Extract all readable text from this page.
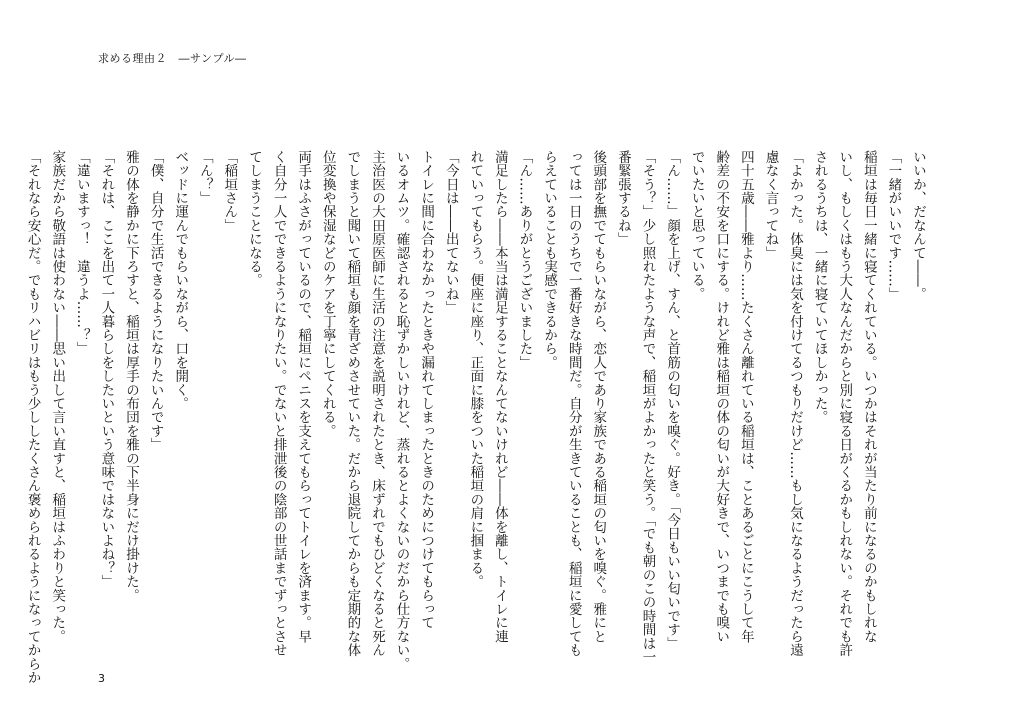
求める理由２　―サンプル―
いいか、だなんて――。
「一緒がいいです……」
稲垣は毎日一緒に寝てくれている。いつかはそれが当たり前になるのかもしれな
いし、もしくはもう大人なんだからと別に寝る日がくるかもしれない。それでも許
されるうちは、一緒に寝ていてほしかった。
「よかった。体臭には気を付けてるつもりだけど……もし気になるようだったら遠
慮なく言ってね」
四十五歳――雅より……たくさん離れている稲垣は、ことあるごとにこうして年
齢差の不安を口にする。けれど雅は稲垣の体の匂いが大好きで、いつまでも嗅い
でいたいと思っている。
「ん……」顔を上げ、すん、と首筋の匂いを嗅ぐ。好き。「今日もいい匂いです」
「そう？」少し照れたような声で、稲垣がよかったと笑う。「でも朝のこの時間は一
番緊張するね」
後頭部を撫でてもらいながら、恋人であり家族である稲垣の匂いを嗅ぐ。雅にと
っては一日のうちで一番好きな時間だ。自分が生きていることも、稲垣に愛しても
らえていることも実感できるから。
「ん……ありがとうございました」
満足したら――本当は満足することなんてないけれど――体を離し、トイレに連
れていってもらう。便座に座り、正面に膝をついた稲垣の肩に掴まる。
「今日は――出てないね」
トイレに間に合わなかったときや漏れてしまったときのためにつけてもらって
いるオムツ。確認されると恥ずかしいけれど、蒸れるとよくないのだから仕方ない。
主治医の大田原医師に生活の注意を説明されたとき、床ずれでもひどくなると死ん
でしまうと聞いて稲垣も顔を青ざめさせていた。だから退院してからも定期的な体
位変換や保湿などのケアを丁寧にしてくれる。
両手はふさがっているので、稲垣にペニスを支えてもらってトイレを済ます。早
く自分一人でできるようになりたい。でないと排泄後の陰部の世話までずっとさせ
てしまうことになる。
「稲垣さん」
「ん？」
ベッドに運んでもらいながら、口を開く。
「僕、自分で生活できるようになりたいんです」
雅の体を静かに下ろすと、稲垣は厚手の布団を雅の下半身にだけ掛けた。
「それは、ここを出て一人暮らしをしたいという意味ではないよね？」
「違いますっ！　違うよ……？」
家族だから敬語は使わない――思い出して言い直すと、稲垣はふわりと笑った。
「それなら安心だ。でもリハビリはもう少ししたくさん褒められるようになってからか	3
